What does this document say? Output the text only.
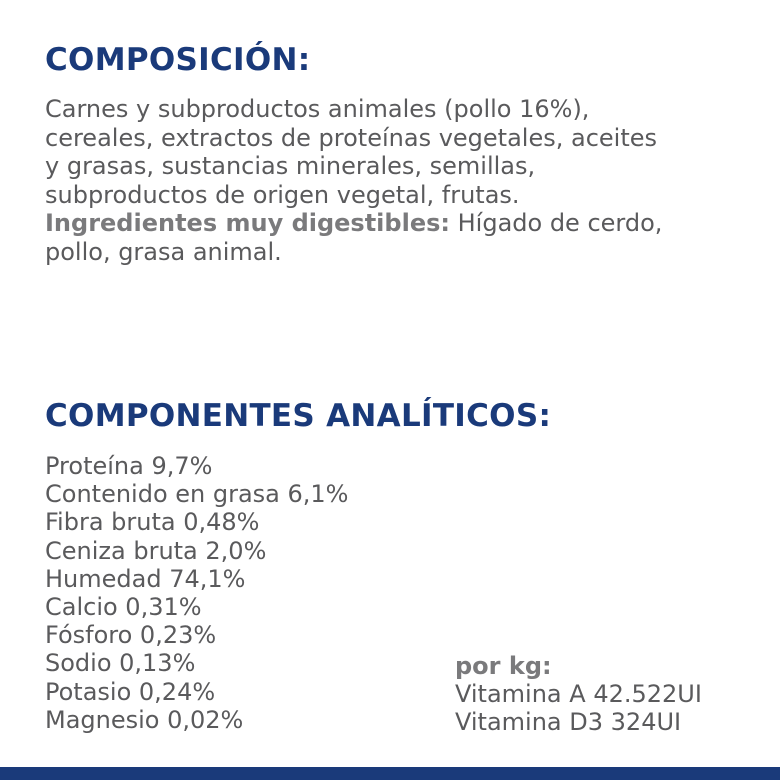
COMPOSICIÓN:

Carnes y subproductos animales (pollo 16%),
cereales, extractos de proteínas vegetales, aceites
y grasas, sustancias minerales, semillas,
subproductos de origen vegetal, frutas.
Ingredientes muy digestibles: Hígado de cerdo,
pollo, grasa animal.

COMPONENTES ANALÍTICOS:
Proteína 9,7%
Contenido en grasa 6,1%
Fibra bruta 0,48%
Ceniza bruta 2,0%
Humedad 74,1%
Calcio 0,31%
Fósforo 0,23%
Sodio 0,13%
Potasio 0,24%
Magnesio 0,02%
por kg:
Vitamina A 42.522UI
Vitamina D3 324UI
